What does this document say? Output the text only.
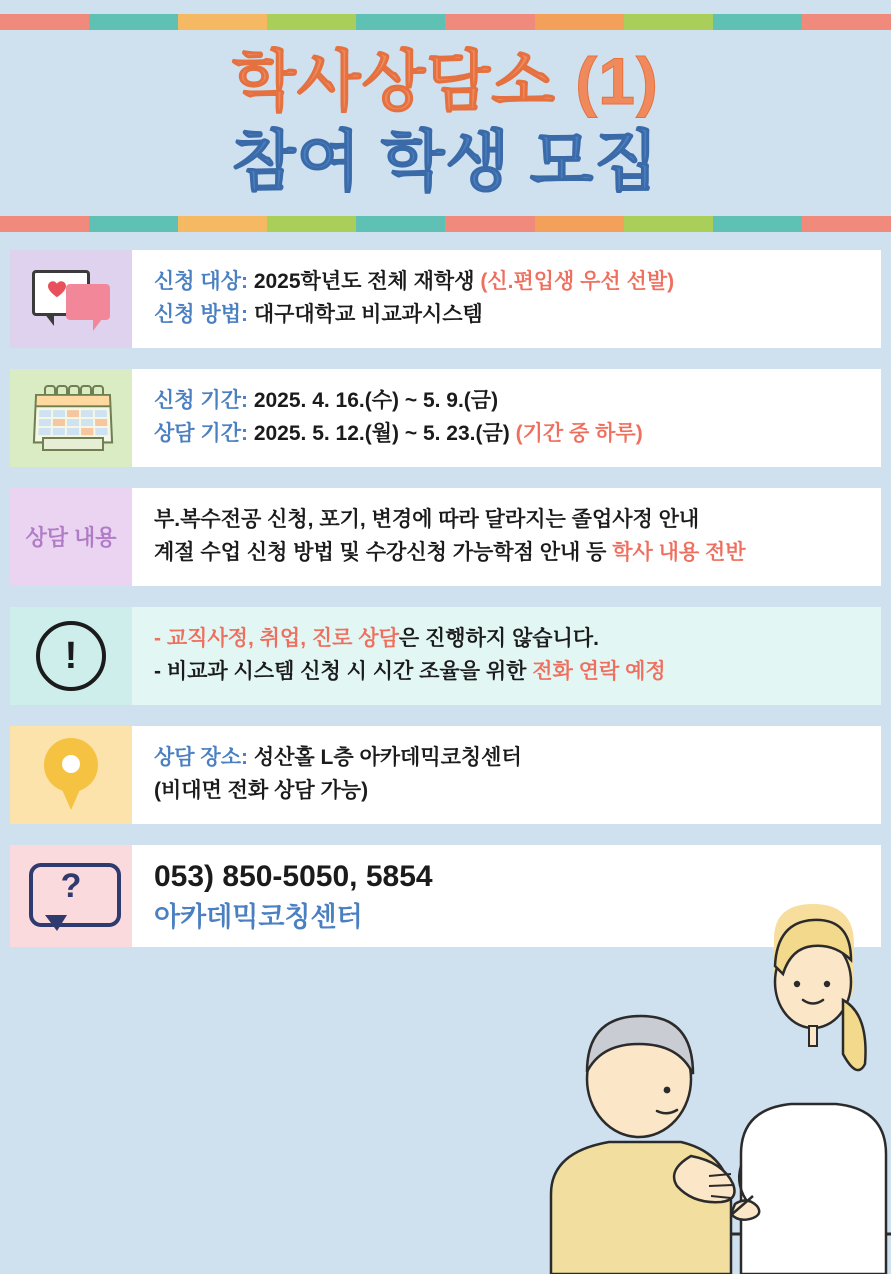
학사상담소 (1)
참여 학생 모집
신청 대상: 2025학년도 전체 재학생 (신.편입생 우선 선발)
신청 방법: 대구대학교 비교과시스템
신청 기간: 2025. 4. 16.(수) ~ 5. 9.(금)
상담 기간: 2025. 5. 12.(월) ~ 5. 23.(금) (기간 중 하루)
상담 내용
부.복수전공 신청, 포기, 변경에 따라 달라지는 졸업사정 안내
계절 수업 신청 방법 및 수강신청 가능학점 안내 등 학사 내용 전반
!	- 교직사정, 취업, 진로 상담은 진행하지 않습니다.
- 비교과 시스템 신청 시 시간 조율을 위한 전화 연락 예정
상담 장소: 성산홀 L층 아카데믹코칭센터
(비대면 전화 상담 가능)
?	053) 850-5050, 5854
아카데믹코칭센터
